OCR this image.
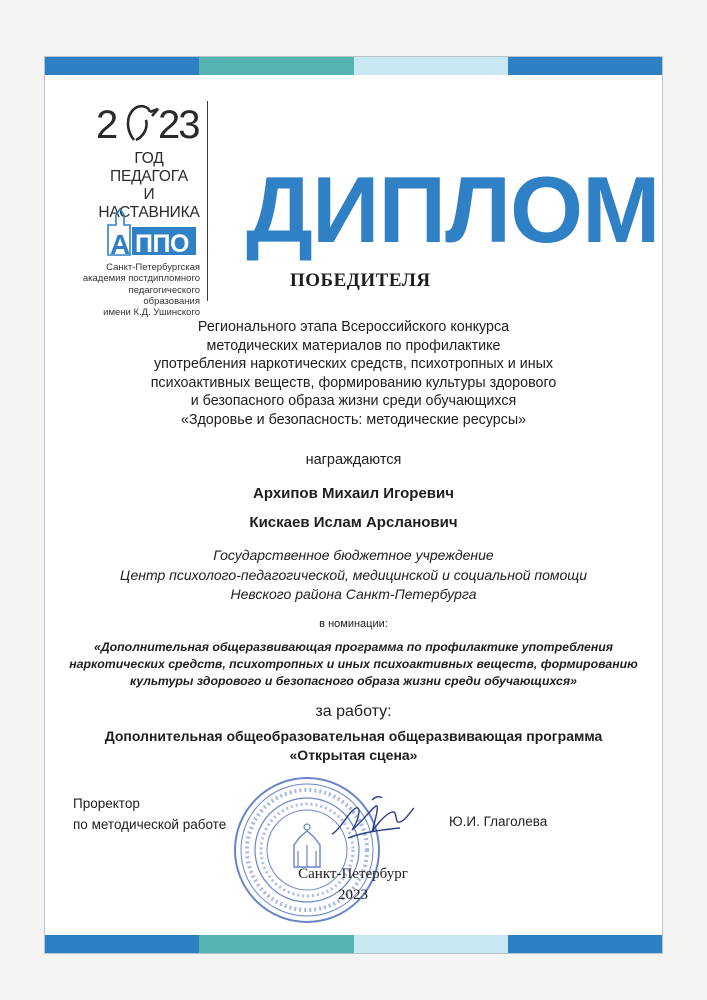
2 23
ГОД ПЕДАГОГА
И НАСТАВНИКА
А ППО
Санкт-Петербургская
академия постдипломного
педагогического образования
имени К.Д. Ушинского
ДИПЛОМ
ПОБЕДИТЕЛЯ
Регионального этапа Всероссийского конкурса
методических материалов по профилактике
употребления наркотических средств, психотропных и иных
психоактивных веществ, формированию культуры здорового
и безопасного образа жизни среди обучающихся
«Здоровье и безопасность: методические ресурсы»
награждаются
Архипов Михаил Игоревич
Кискаев Ислам Арсланович
Государственное бюджетное учреждение
Центр психолого-педагогической, медицинской и социальной помощи
Невского района Санкт-Петербурга
в номинации:
«Дополнительная общеразвивающая программа по профилактике употребления
наркотических средств, психотропных и иных психоактивных веществ, формированию
культуры здорового и безопасного образа жизни среди обучающихся»
за работу:
Дополнительная общеобразовательная общеразвивающая программа
«Открытая сцена»
Проректор
по методической работе	Ю.И. Глаголева
Санкт-Петербург
2023
